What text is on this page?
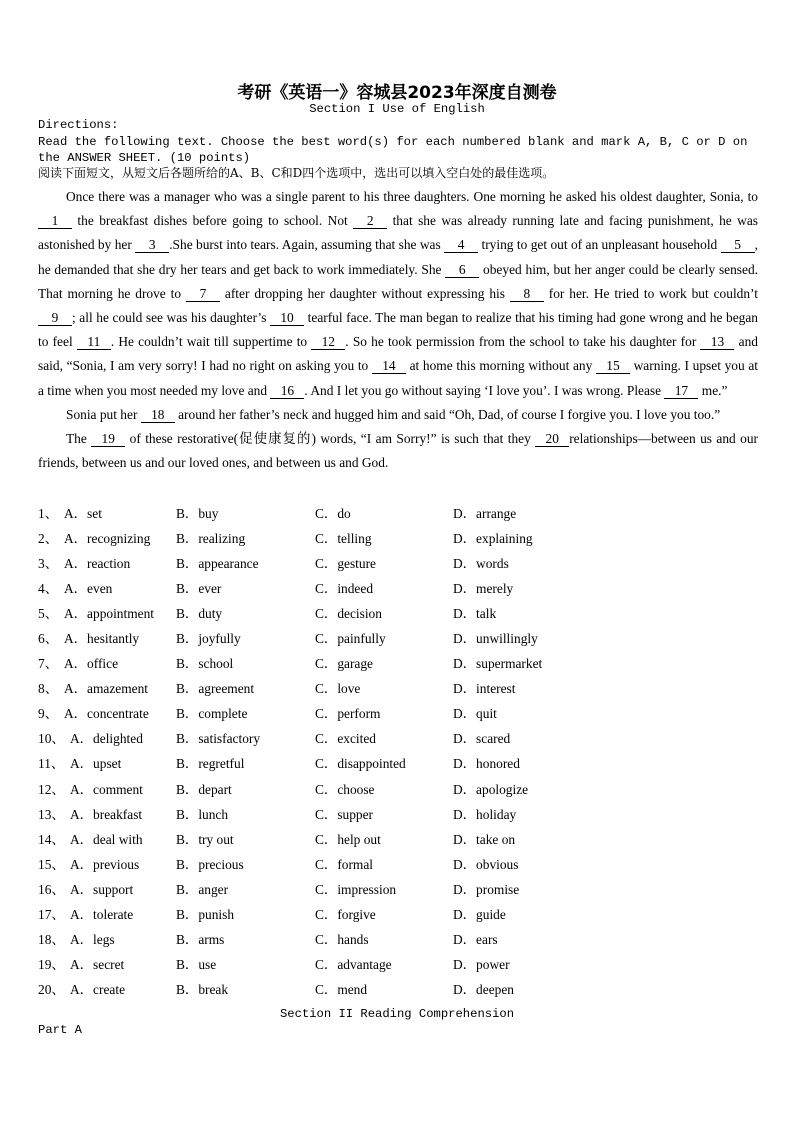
考研《英语一》容城县2023年深度自测卷
Section I Use of English
Directions:
Read the following text. Choose the best word(s) for each numbered blank and mark A, B, C or D on the ANSWER SHEET. (10 points)
阅读下面短文，从短文后各题所给的A、B、C和D四个选项中，选出可以填入空白处的最佳选项。

Once there was a manager who was a single parent to his three daughters. One morning he asked his oldest daughter, Sonia, to 1 the breakfast dishes before going to school. Not 2 that she was already running late and facing punishment, he was astonished by her 3 .She burst into tears. Again, assuming that she was 4 trying to get out of an unpleasant household 5 , he demanded that she dry her tears and get back to work immediately. She 6 obeyed him, but her anger could be clearly sensed. That morning he drove to 7 after dropping her daughter without expressing his 8 for her. He tried to work but couldn’t 9 ; all he could see was his daughter’s 10 tearful face. The man began to realize that his timing had gone wrong and he began to feel 11 . He couldn’t wait till suppertime to 12 . So he took permission from the school to take his daughter for 13 and said, “Sonia, I am very sorry! I had no right on asking you to 14 at home this morning without any 15 warning. I upset you at a time when you most needed my love and 16 . And I let you go without saying ‘I love you’. I was wrong. Please 17 me.”

Sonia put her 18 around her father’s neck and hugged him and said “Oh, Dad, of course I forgive you. I love you too.”

The 19 of these restorative(促使康复的) words, “I am Sorry!” is such that they 20 relationships—between us and our friends, between us and our loved ones, and between us and God.

1、 A．set	B．buy	C．do	D．arrange
2、 A．recognizing B．realizing	C．telling	D．explaining
3、 A．reaction	B．appearance	C．gesture	D．words
4、 A．even	B．ever	C．indeed	D．merely
5、 A．appointment B．duty	C．decision	D．talk
6、 A．hesitantly	B．joyfully	C．painfully	D．unwillingly
7、 A．office	B．school	C．garage	D．supermarket
8、 A．amazement B．agreement	C．love	D．interest
9、 A．concentrate B．complete	C．perform	D．quit
10、 A．delighted B．satisfactory	C．excited	D．scared
11、 A．upset	B．regretful	C．disappointed	D．honored
12、 A．comment B．depart	C．choose	D．apologize
13、 A．breakfast	B．lunch	C．supper	D．holiday
14、 A．deal with B．try out	C．help out	D．take on
15、 A．previous	B．precious	C．formal	D．obvious
16、 A．support	B．anger	C．impression	D．promise
17、 A．tolerate	B．punish	C．forgive	D．guide
18、 A．legs	B．arms	C．hands	D．ears
19、 A．secret	B．use	C．advantage	D．power
20、 A．create	B．break	C．mend	D．deepen
Section II Reading Comprehension
Part A
